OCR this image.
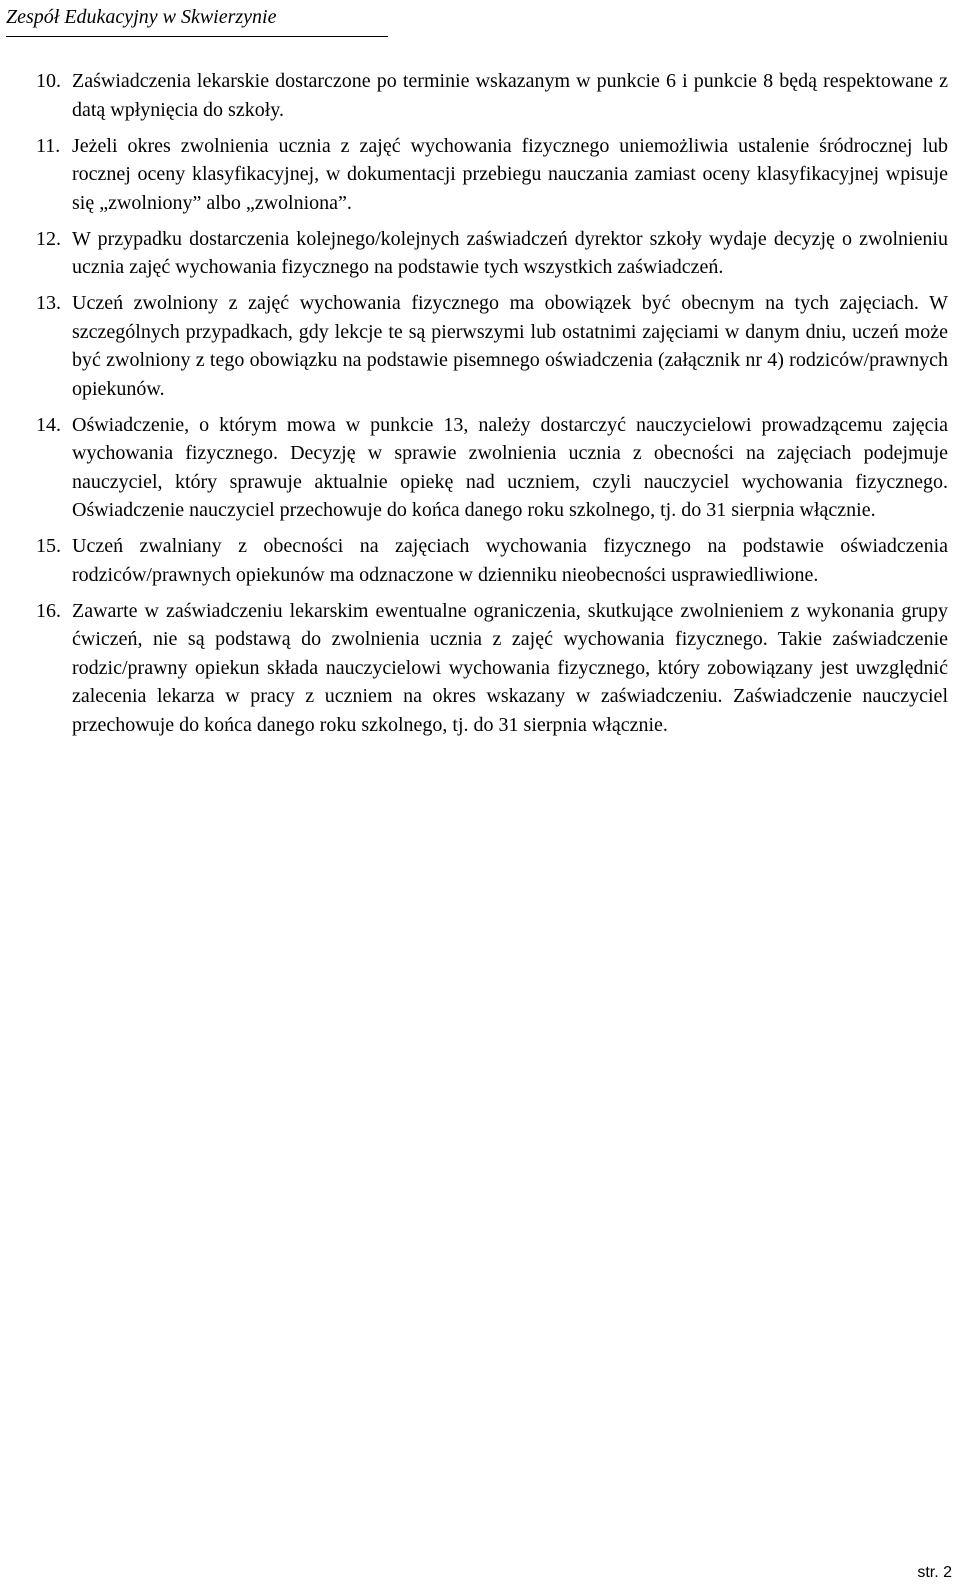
Zespół Edukacyjny w Skwierzynie
10. Zaświadczenia lekarskie dostarczone po terminie wskazanym w punkcie 6 i punkcie 8 będą respektowane z datą wpłynięcia do szkoły.
11. Jeżeli okres zwolnienia ucznia z zajęć wychowania fizycznego uniemożliwia ustalenie śródrocznej lub rocznej oceny klasyfikacyjnej, w dokumentacji przebiegu nauczania zamiast oceny klasyfikacyjnej wpisuje się „zwolniony” albo „zwolniona”.
12. W przypadku dostarczenia kolejnego/kolejnych zaświadczeń dyrektor szkoły wydaje decyzję o zwolnieniu ucznia zajęć wychowania fizycznego na podstawie tych wszystkich zaświadczeń.
13. Uczeń zwolniony z zajęć wychowania fizycznego ma obowiązek być obecnym na tych zajęciach. W szczególnych przypadkach, gdy lekcje te są pierwszymi lub ostatnimi zajęciami w danym dniu, uczeń może być zwolniony z tego obowiązku na podstawie pisemnego oświadczenia (załącznik nr 4) rodziców/prawnych opiekunów.
14. Oświadczenie, o którym mowa w punkcie 13, należy dostarczyć nauczycielowi prowadzącemu zajęcia wychowania fizycznego. Decyzję w sprawie zwolnienia ucznia z obecności na zajęciach podejmuje nauczyciel, który sprawuje aktualnie opiekę nad uczniem, czyli nauczyciel wychowania fizycznego. Oświadczenie nauczyciel przechowuje do końca danego roku szkolnego, tj. do 31 sierpnia włącznie.
15. Uczeń zwalniany z obecności na zajęciach wychowania fizycznego na podstawie oświadczenia rodziców/prawnych opiekunów ma odznaczone w dzienniku nieobecności usprawiedliwione.
16. Zawarte w zaświadczeniu lekarskim ewentualne ograniczenia, skutkujące zwolnieniem z wykonania grupy ćwiczeń, nie są podstawą do zwolnienia ucznia z zajęć wychowania fizycznego. Takie zaświadczenie rodzic/prawny opiekun składa nauczycielowi wychowania fizycznego, który zobowiązany jest uwzględnić zalecenia lekarza w pracy z uczniem na okres wskazany w zaświadczeniu. Zaświadczenie nauczyciel przechowuje do końca danego roku szkolnego, tj. do 31 sierpnia włącznie.
str. 2
